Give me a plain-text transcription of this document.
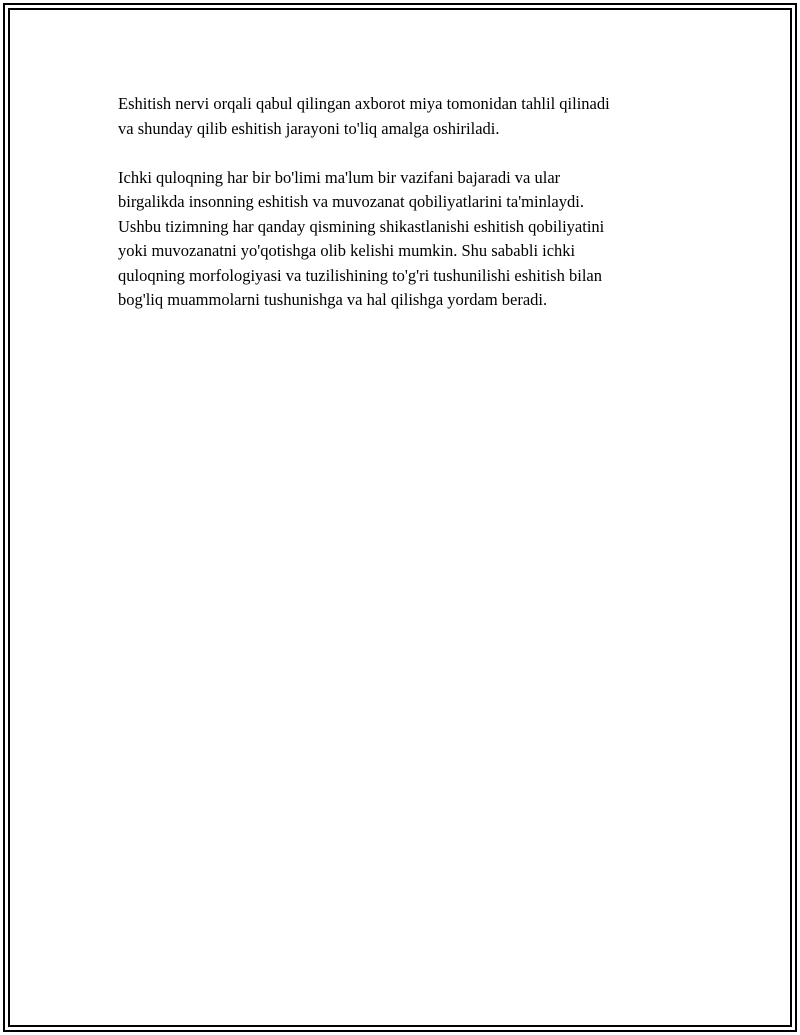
Eshitish nervi orqali qabul qilingan axborot miya tomonidan tahlil qilinadi
va shunday qilib eshitish jarayoni to'liq amalga oshiriladi.

Ichki quloqning har bir bo'limi ma'lum bir vazifani bajaradi va ular
birgalikda insonning eshitish va muvozanat qobiliyatlarini ta'minlaydi.
Ushbu tizimning har qanday qismining shikastlanishi eshitish qobiliyatini
yoki muvozanatni yo'qotishga olib kelishi mumkin. Shu sababli ichki
quloqning morfologiyasi va tuzilishining to'g'ri tushunilishi eshitish bilan
bog'liq muammolarni tushunishga va hal qilishga yordam beradi.
